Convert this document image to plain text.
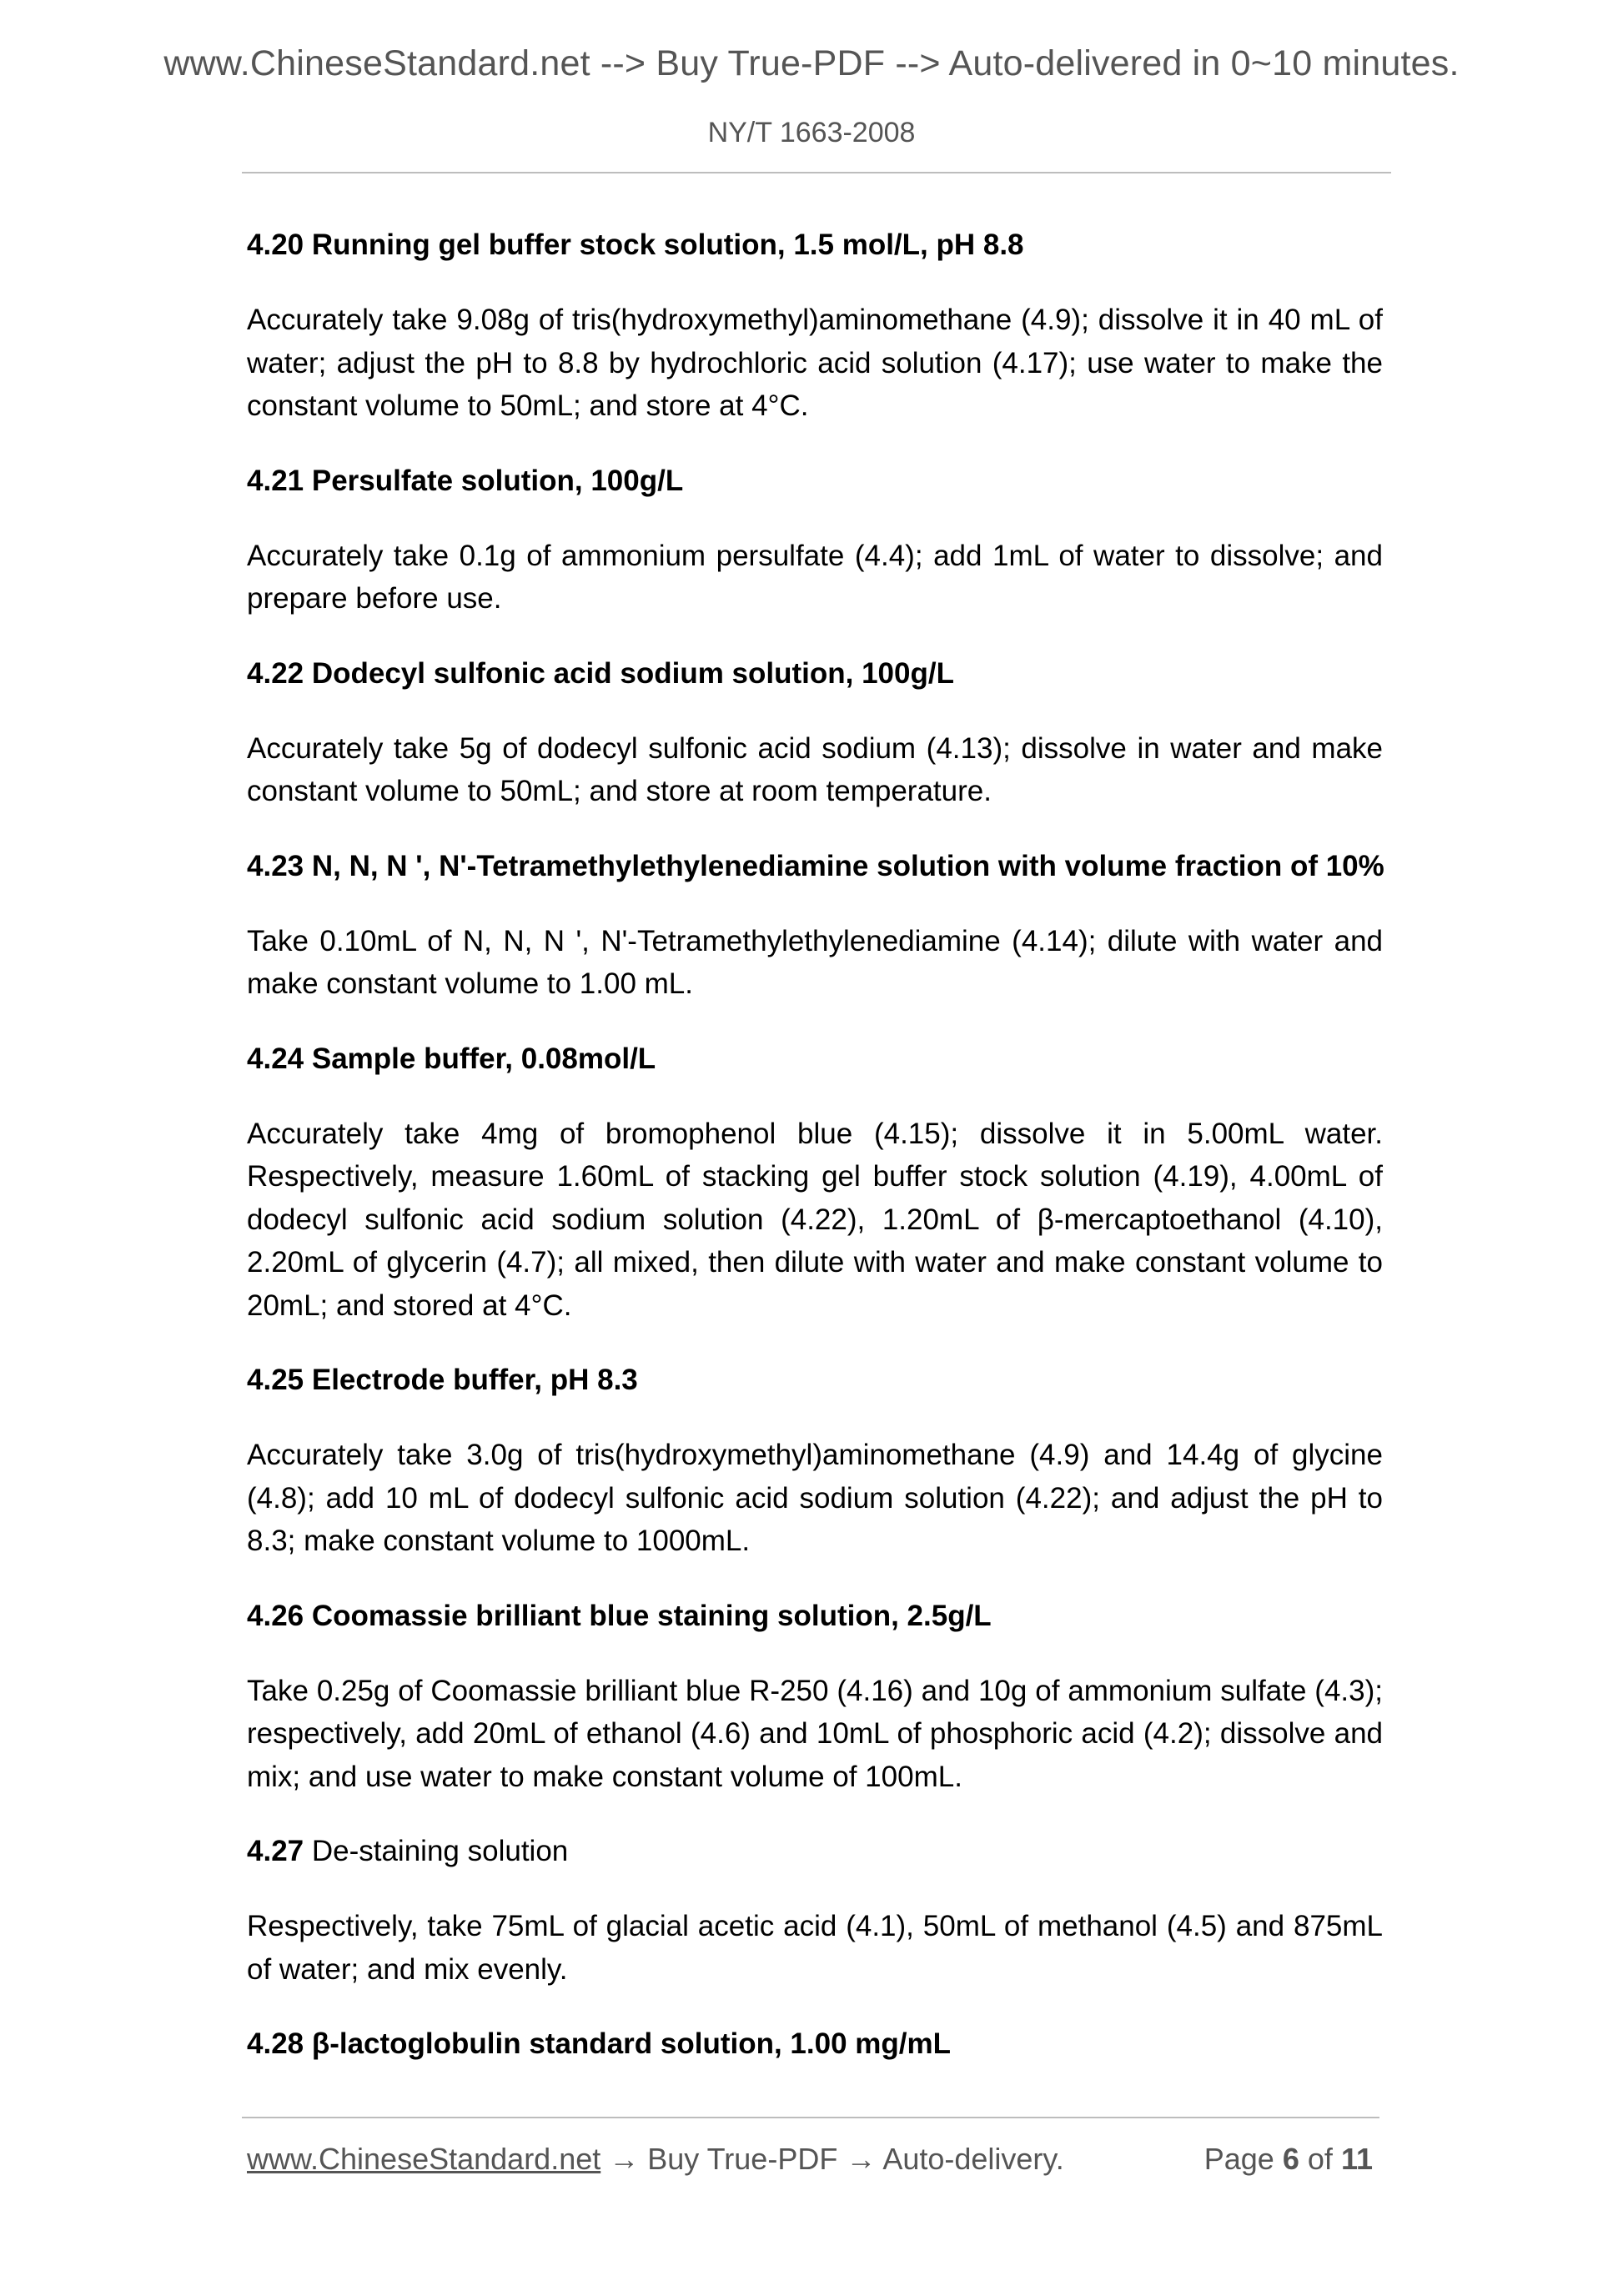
www.ChineseStandard.net --> Buy True-PDF --> Auto-delivered in 0~10 minutes.
NY/T 1663-2008
4.20 Running gel buffer stock solution, 1.5 mol/L, pH 8.8
Accurately take 9.08g of tris(hydroxymethyl)aminomethane (4.9); dissolve it in 40 mL of water; adjust the pH to 8.8 by hydrochloric acid solution (4.17); use water to make the constant volume to 50mL; and store at 4°C.
4.21 Persulfate solution, 100g/L
Accurately take 0.1g of ammonium persulfate (4.4); add 1mL of water to dissolve; and prepare before use.
4.22 Dodecyl sulfonic acid sodium solution, 100g/L
Accurately take 5g of dodecyl sulfonic acid sodium (4.13); dissolve in water and make constant volume to 50mL; and store at room temperature.
4.23 N, N, N ', N'-Tetramethylethylenediamine solution with volume fraction of 10%
Take 0.10mL of N, N, N ', N'-Tetramethylethylenediamine (4.14); dilute with water and make constant volume to 1.00 mL.
4.24 Sample buffer, 0.08mol/L
Accurately take 4mg of bromophenol blue (4.15); dissolve it in 5.00mL water. Respectively, measure 1.60mL of stacking gel buffer stock solution (4.19), 4.00mL of dodecyl sulfonic acid sodium solution (4.22), 1.20mL of β-mercaptoethanol (4.10), 2.20mL of glycerin (4.7); all mixed, then dilute with water and make constant volume to 20mL; and stored at 4°C.
4.25 Electrode buffer, pH 8.3
Accurately take 3.0g of tris(hydroxymethyl)aminomethane (4.9) and 14.4g of glycine (4.8); add 10 mL of dodecyl sulfonic acid sodium solution (4.22); and adjust the pH to 8.3; make constant volume to 1000mL.
4.26 Coomassie brilliant blue staining solution, 2.5g/L
Take 0.25g of Coomassie brilliant blue R-250 (4.16) and 10g of ammonium sulfate (4.3); respectively, add 20mL of ethanol (4.6) and 10mL of phosphoric acid (4.2); dissolve and mix; and use water to make constant volume of 100mL.
4.27 De-staining solution
Respectively, take 75mL of glacial acetic acid (4.1), 50mL of methanol (4.5) and 875mL of water; and mix evenly.
4.28 β-lactoglobulin standard solution, 1.00 mg/mL
www.ChineseStandard.net → Buy True-PDF → Auto-delivery.	Page 6 of 11
